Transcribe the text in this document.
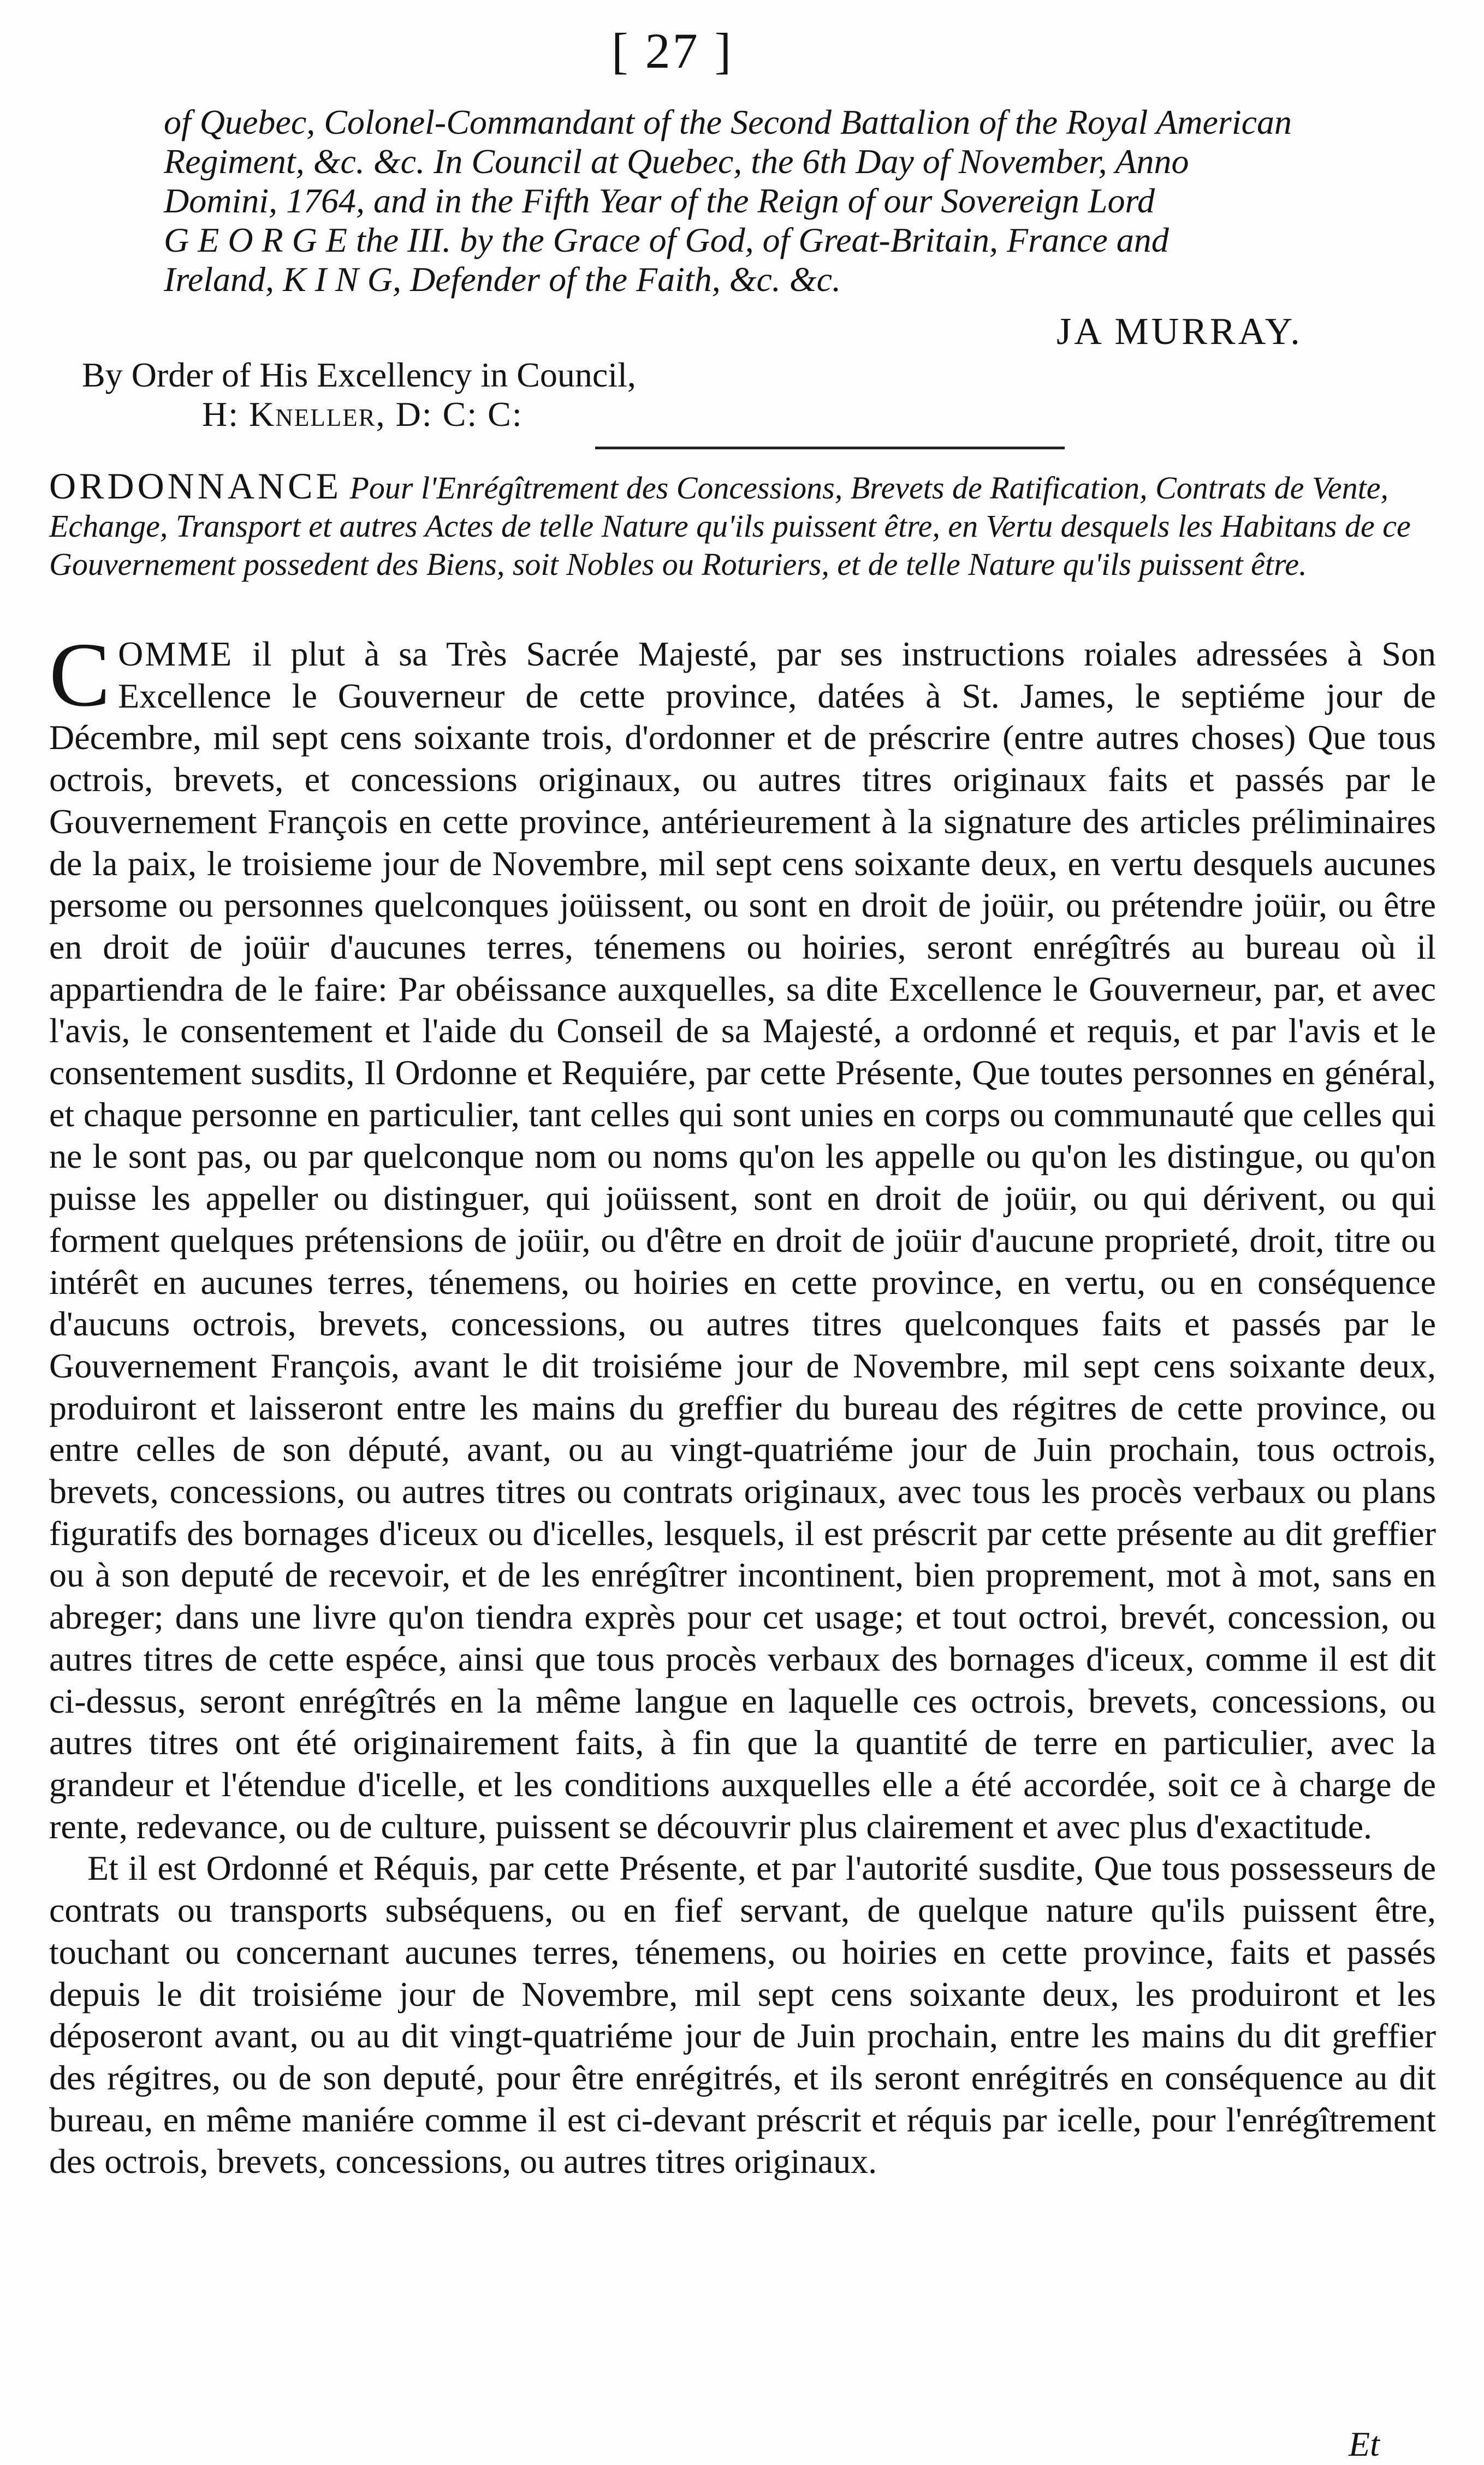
[ 27 ]
of Quebec, Colonel-Commandant of the Second Battalion of the Royal American
Regiment, &c. &c. In Council at Quebec, the 6th Day of November, Anno
Domini, 1764, and in the Fifth Year of the Reign of our Sovereign Lord
G E O R G E the III. by the Grace of God, of Great-Britain, France and
Ireland, K I N G, Defender of the Faith, &c. &c.
JA MURRAY.
By Order of His Excellency in Council,
H: Kneller, D: C: C:
ORDONNANCE Pour l'Enrégîtrement des Concessions, Brevets de Ratification, Contrats de Vente, Echange, Transport et autres Actes de telle Nature qu'ils puissent être, en Vertu desquels les Habitans de ce Gouvernement possedent des Biens, soit Nobles ou Roturiers, et de telle Nature qu'ils puissent être.

COMME il plut à sa Très Sacrée Majesté, par ses instructions roiales adressées à Son Excellence le Gouverneur de cette province, datées à St. James, le septiéme jour de Décembre, mil sept cens soixante trois, d'ordonner et de préscrire (entre autres choses) Que tous octrois, brevets, et concessions originaux, ou autres titres originaux faits et passés par le Gouvernement François en cette province, antérieurement à la signature des articles préliminaires de la paix, le troisieme jour de Novembre, mil sept cens soixante deux, en vertu desquels aucunes persome ou personnes quelconques joüissent, ou sont en droit de joüir, ou prétendre joüir, ou être en droit de joüir d'aucunes terres, ténemens ou hoiries, seront enrégîtrés au bureau où il appartiendra de le faire: Par obéissance auxquelles, sa dite Excellence le Gouverneur, par, et avec l'avis, le consentement et l'aide du Conseil de sa Majesté, a ordonné et requis, et par l'avis et le consentement susdits, Il Ordonne et Requiére, par cette Présente, Que toutes personnes en général, et chaque personne en particulier, tant celles qui sont unies en corps ou communauté que celles qui ne le sont pas, ou par quelconque nom ou noms qu'on les appelle ou qu'on les distingue, ou qu'on puisse les appeller ou distinguer, qui joüissent, sont en droit de joüir, ou qui dérivent, ou qui forment quelques prétensions de joüir, ou d'être en droit de joüir d'aucune proprieté, droit, titre ou intérêt en aucunes terres, ténemens, ou hoiries en cette province, en vertu, ou en conséquence d'aucuns octrois, brevets, concessions, ou autres titres quelconques faits et passés par le Gouvernement François, avant le dit troisiéme jour de Novembre, mil sept cens soixante deux, produiront et laisseront entre les mains du greffier du bureau des régitres de cette province, ou entre celles de son député, avant, ou au vingt-quatriéme jour de Juin prochain, tous octrois, brevets, concessions, ou autres titres ou contrats originaux, avec tous les procès verbaux ou plans figuratifs des bornages d'iceux ou d'icelles, lesquels, il est préscrit par cette présente au dit greffier ou à son deputé de recevoir, et de les enrégîtrer incontinent, bien proprement, mot à mot, sans en abreger; dans une livre qu'on tiendra exprès pour cet usage; et tout octroi, brevét, concession, ou autres titres de cette espéce, ainsi que tous procès verbaux des bornages d'iceux, comme il est dit ci-dessus, seront enrégîtrés en la même langue en laquelle ces octrois, brevets, concessions, ou autres titres ont été originairement faits, à fin que la quantité de terre en particulier, avec la grandeur et l'étendue d'icelle, et les conditions auxquelles elle a été accordée, soit ce à charge de rente, redevance, ou de culture, puissent se découvrir plus clairement et avec plus d'exactitude.

Et il est Ordonné et Réquis, par cette Présente, et par l'autorité susdite, Que tous possesseurs de contrats ou transports subséquens, ou en fief servant, de quelque nature qu'ils puissent être, touchant ou concernant aucunes terres, ténemens, ou hoiries en cette province, faits et passés depuis le dit troisiéme jour de Novembre, mil sept cens soixante deux, les produiront et les déposeront avant, ou au dit vingt-quatriéme jour de Juin prochain, entre les mains du dit greffier des régitres, ou de son deputé, pour être enrégitrés, et ils seront enrégitrés en conséquence au dit bureau, en même maniére comme il est ci-devant préscrit et réquis par icelle, pour l'enrégîtrement des octrois, brevets, concessions, ou autres titres originaux.

Et
